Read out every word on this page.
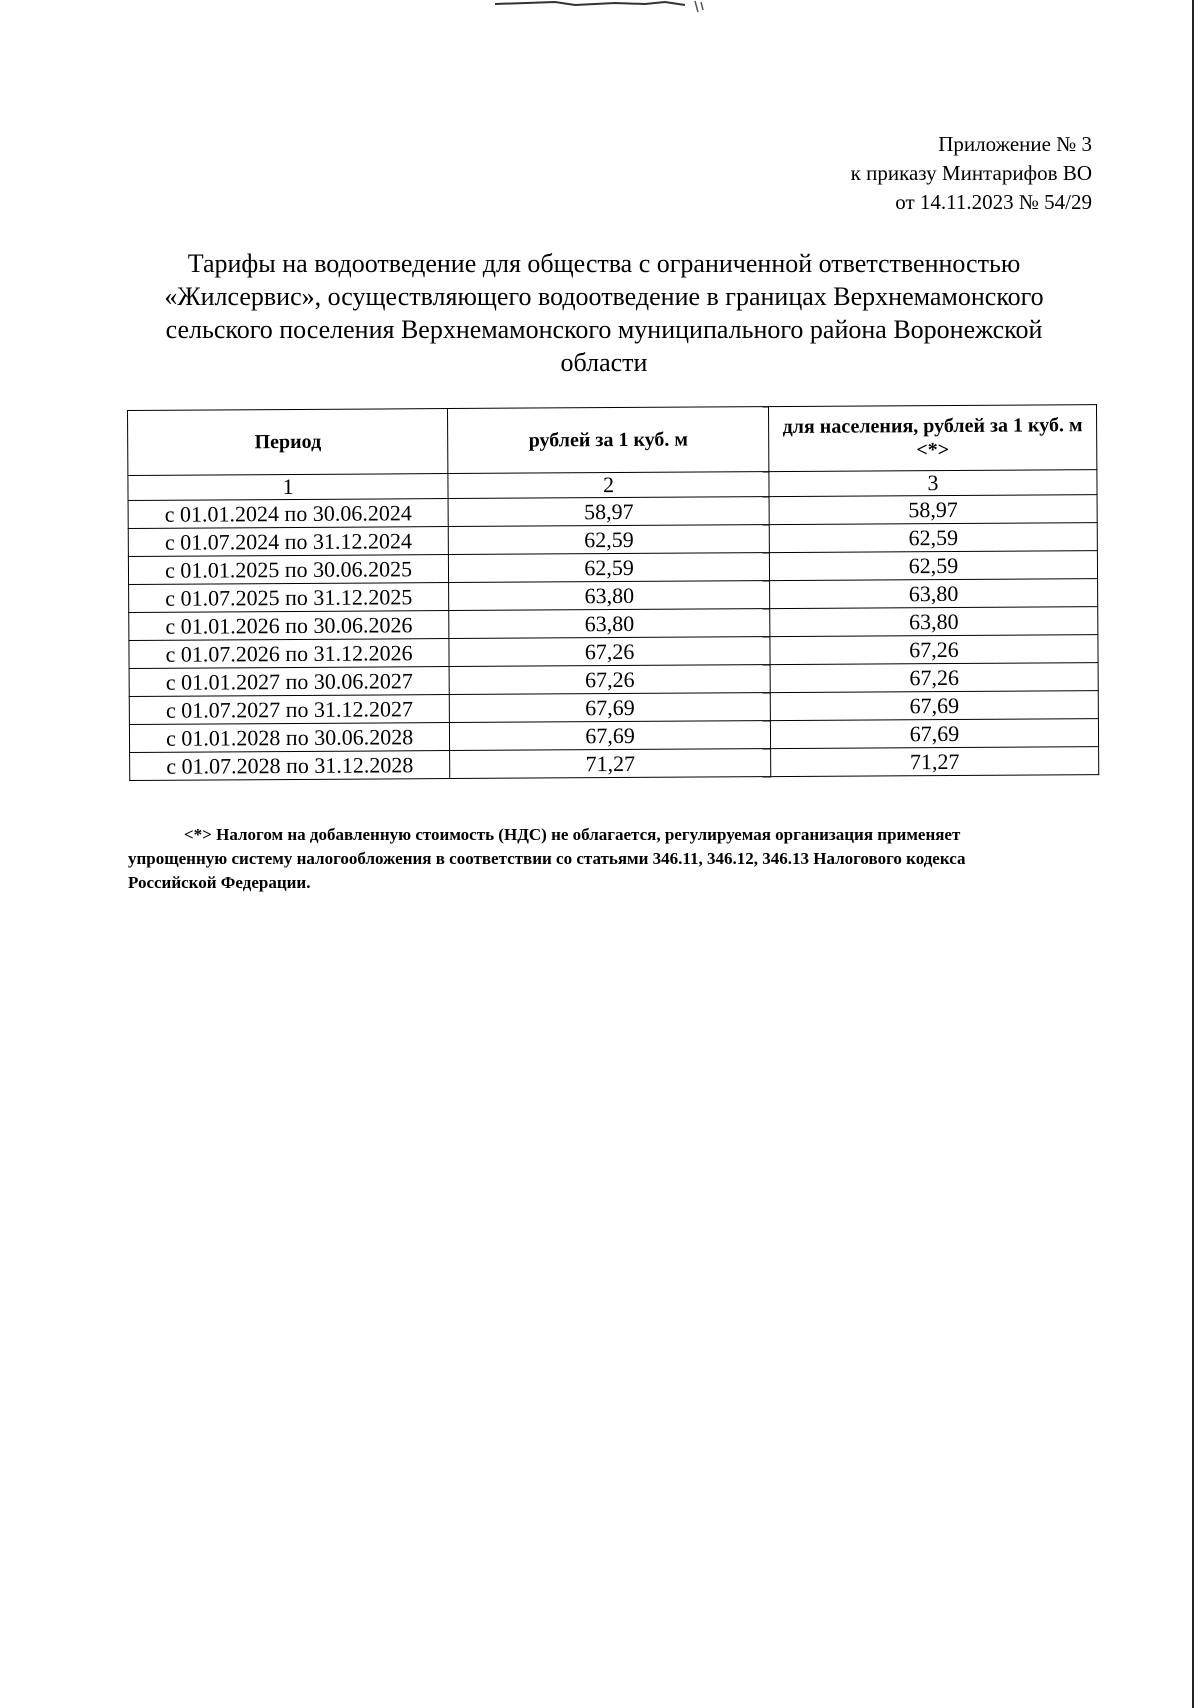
Приложение № 3
к приказу Минтарифов ВО
от 14.11.2023 № 54/29
Тарифы на водоотведение для общества с ограниченной ответственностью
«Жилсервис», осуществляющего водоотведение в границах Верхнемамонского
сельского поселения Верхнемамонского муниципального района Воронежской
области
Период	рублей за 1 куб. м	для населения, рублей за 1 куб. м <*>
1	2	3
с 01.01.2024 по 30.06.2024	58,97	58,97
с 01.07.2024 по 31.12.2024	62,59	62,59
с 01.01.2025 по 30.06.2025	62,59	62,59
с 01.07.2025 по 31.12.2025	63,80	63,80
с 01.01.2026 по 30.06.2026	63,80	63,80
с 01.07.2026 по 31.12.2026	67,26	67,26
с 01.01.2027 по 30.06.2027	67,26	67,26
с 01.07.2027 по 31.12.2027	67,69	67,69
с 01.01.2028 по 30.06.2028	67,69	67,69
с 01.07.2028 по 31.12.2028	71,27	71,27
<*> Налогом на добавленную стоимость (НДС) не облагается, регулируемая организация применяет
упрощенную систему налогообложения в соответствии со статьями 346.11, 346.12, 346.13 Налогового кодекса
Российской Федерации.
